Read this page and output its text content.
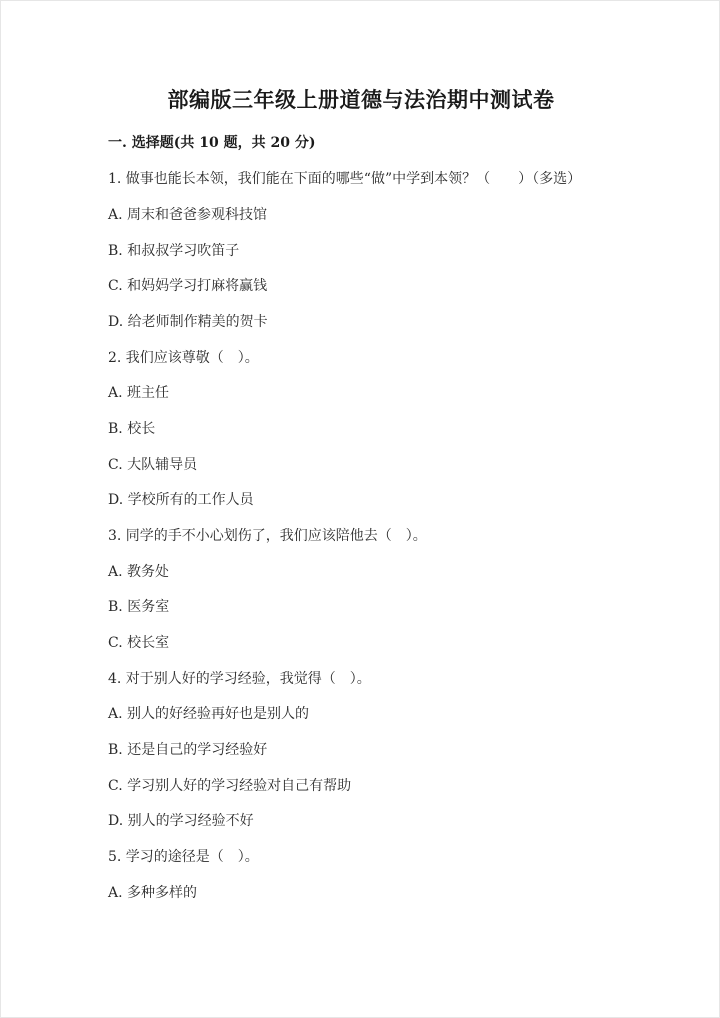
部编版三年级上册道德与法治期中测试卷
一. 选择题(共 10 题，共 20 分)
1. 做事也能长本领，我们能在下面的哪些“做”中学到本领？（　　）（多选）
A. 周末和爸爸参观科技馆
B. 和叔叔学习吹笛子
C. 和妈妈学习打麻将赢钱
D. 给老师制作精美的贺卡
2. 我们应该尊敬（　）。
A. 班主任
B. 校长
C. 大队辅导员
D. 学校所有的工作人员
3. 同学的手不小心划伤了，我们应该陪他去（　）。
A. 教务处
B. 医务室
C. 校长室
4. 对于别人好的学习经验，我觉得（　）。
A. 别人的好经验再好也是别人的
B. 还是自己的学习经验好
C. 学习别人好的学习经验对自己有帮助
D. 别人的学习经验不好
5. 学习的途径是（　）。
A. 多种多样的
